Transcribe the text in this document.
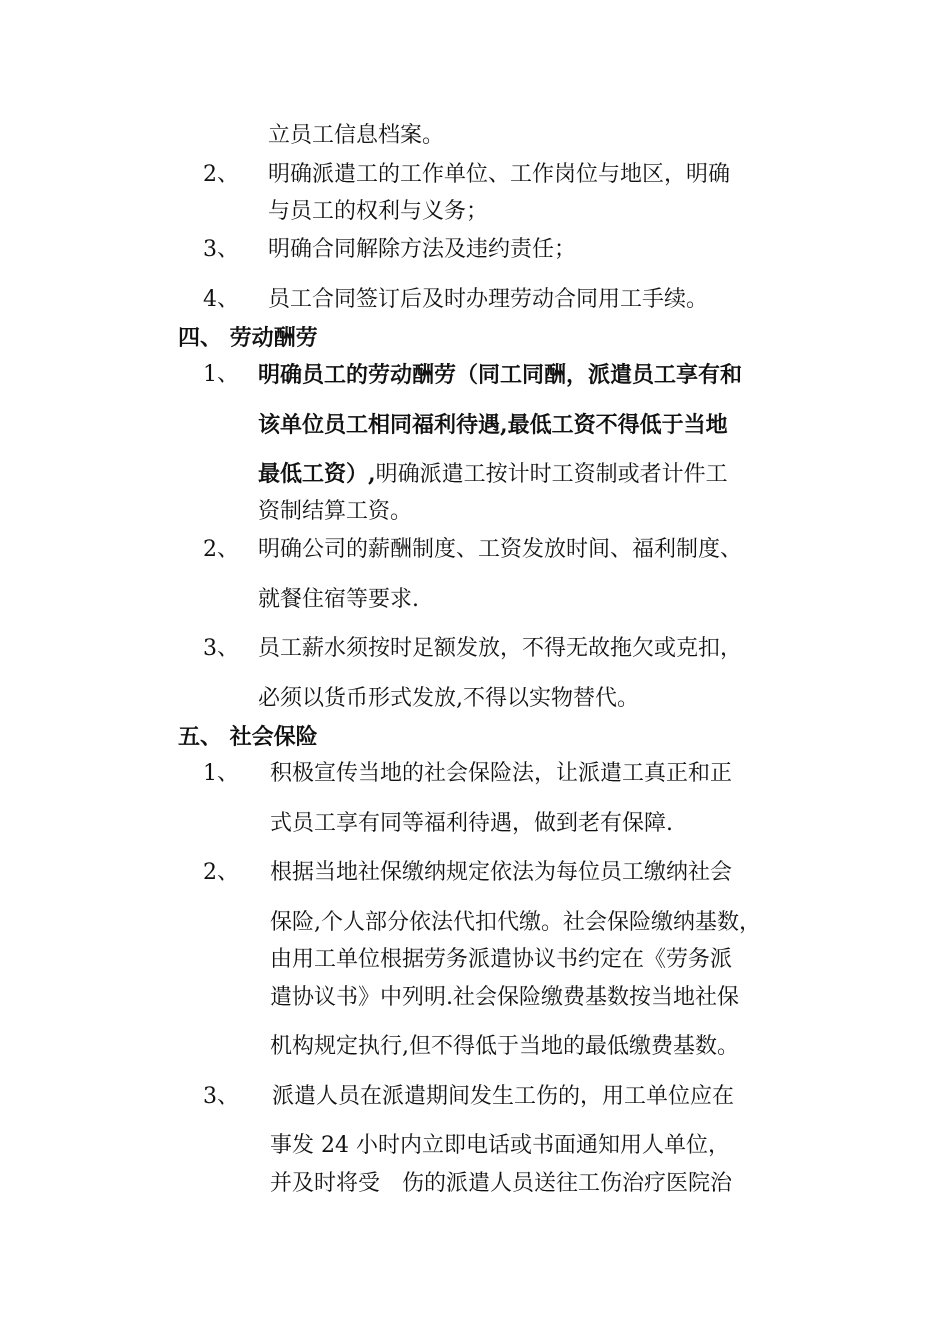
立员工信息档案。
2、 明确派遣工的工作单位、工作岗位与地区，明确
与员工的权利与义务；
3、 明确合同解除方法及违约责任；
4、 员工合同签订后及时办理劳动合同用工手续。
四、 劳动酬劳
1、 明确员工的劳动酬劳（同工同酬，派遣员工享有和
该单位员工相同福利待遇,最低工资不得低于当地
最低工资）,明确派遣工按计时工资制或者计件工
资制结算工资。
2、 明确公司的薪酬制度、工资发放时间、福利制度、
就餐住宿等要求.
3、 员工薪水须按时足额发放，不得无故拖欠或克扣，
必须以货币形式发放,不得以实物替代。
五、 社会保险
1、 积极宣传当地的社会保险法，让派遣工真正和正
式员工享有同等福利待遇，做到老有保障.
2、 根据当地社保缴纳规定依法为每位员工缴纳社会
保险,个人部分依法代扣代缴。社会保险缴纳基数，
由用工单位根据劳务派遣协议书约定在《劳务派
遣协议书》中列明.社会保险缴费基数按当地社保
机构规定执行,但不得低于当地的最低缴费基数。
3、 派遣人员在派遣期间发生工伤的，用工单位应在
事发 24 小时内立即电话或书面通知用人单位，
并及时将受　伤的派遣人员送往工伤治疗医院治
